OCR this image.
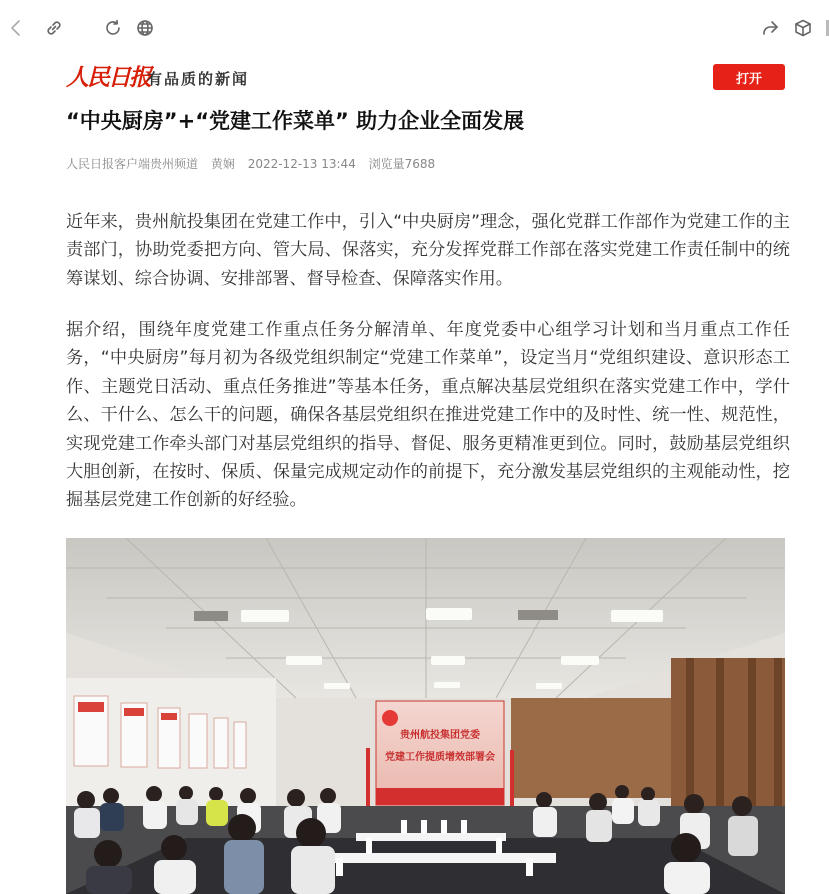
人民日报
有品质的新闻	打开
“中央厨房”+“党建工作菜单” 助力企业全面发展
人民日报客户端贵州频道 黄娴 2022-12-13 13:44 浏览量7688

近年来，贵州航投集团在党建工作中，引入“中央厨房”理念，强化党群工作部作为党建工作的主责部门，协助党委把方向、管大局、保落实，充分发挥党群工作部在落实党建工作责任制中的统筹谋划、综合协调、安排部署、督导检查、保障落实作用。

据介绍，围绕年度党建工作重点任务分解清单、年度党委中心组学习计划和当月重点工作任务，“中央厨房”每月初为各级党组织制定“党建工作菜单”，设定当月“党组织建设、意识形态工作、主题党日活动、重点任务推进”等基本任务，重点解决基层党组织在落实党建工作中，学什么、干什么、怎么干的问题，确保各基层党组织在推进党建工作中的及时性、统一性、规范性，实现党建工作牵头部门对基层党组织的指导、督促、服务更精准更到位。同时，鼓励基层党组织大胆创新，在按时、保质、保量完成规定动作的前提下，充分激发基层党组织的主观能动性，挖掘基层党建工作创新的好经验。

贵州航投集团党委
党建工作提质增效部署会
